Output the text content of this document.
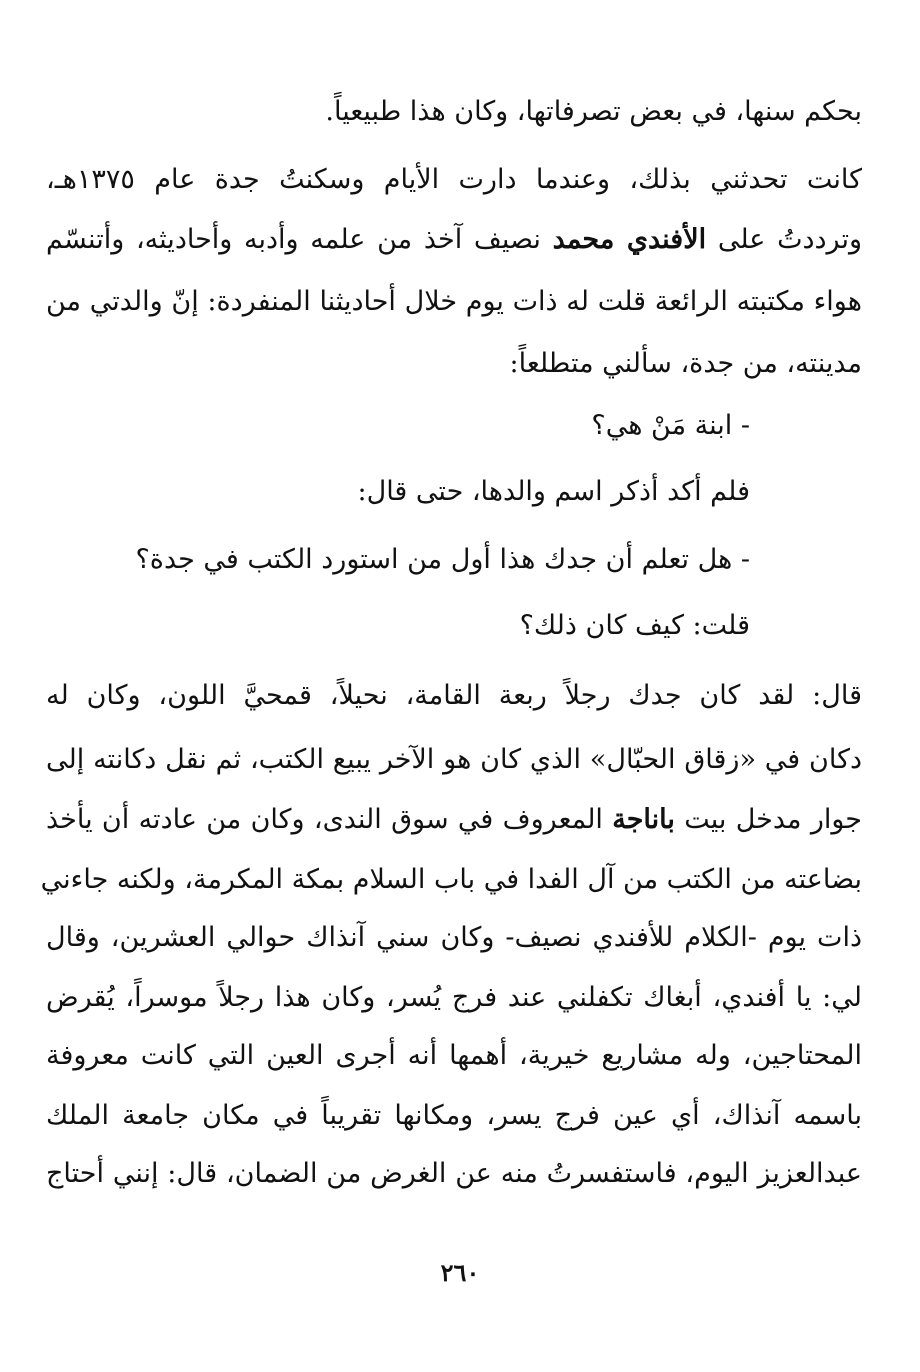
بحكم سنها، في بعض تصرفاتها، وكان هذا طبيعياً.
كانت تحدثني بذلك، وعندما دارت الأيام وسكنتُ جدة عام ١٣٧٥هـ،
وترددتُ على الأفندي محمد نصيف آخذ من علمه وأدبه وأحاديثه، وأتنسّم
هواء مكتبته الرائعة قلت له ذات يوم خلال أحاديثنا المنفردة: إنّ والدتي من
مدينته، من جدة، سألني متطلعاً:
- ابنة مَنْ هي؟
فلم أكد أذكر اسم والدها، حتى قال:
- هل تعلم أن جدك هذا أول من استورد الكتب في جدة؟
قلت: كيف كان ذلك؟
قال: لقد كان جدك رجلاً ربعة القامة، نحيلاً، قمحيَّ اللون، وكان له
دكان في «زقاق الحبّال» الذي كان هو الآخر يبيع الكتب، ثم نقل دكانته إلى
جوار مدخل بيت باناجة المعروف في سوق الندى، وكان من عادته أن يأخذ
بضاعته من الكتب من آل الفدا في باب السلام بمكة المكرمة، ولكنه جاءني
ذات يوم -الكلام للأفندي نصيف- وكان سني آنذاك حوالي العشرين، وقال
لي: يا أفندي، أبغاك تكفلني عند فرج يُسر، وكان هذا رجلاً موسراً، يُقرض
المحتاجين، وله مشاريع خيرية، أهمها أنه أجرى العين التي كانت معروفة
باسمه آنذاك، أي عين فرج يسر، ومكانها تقريباً في مكان جامعة الملك
عبدالعزيز اليوم، فاستفسرتُ منه عن الغرض من الضمان، قال: إنني أحتاج
٢٦٠
